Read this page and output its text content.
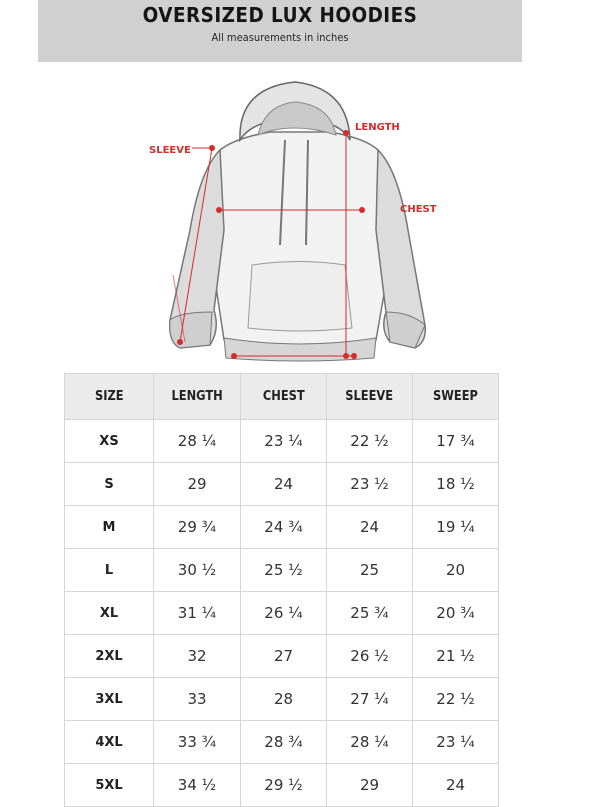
OVERSIZED LUX HOODIES
All measurements in inches
SLEEVE
LENGTH
CHEST
SIZE	LENGTH	CHEST	SLEEVE	SWEEP
XS	28 ¼	23 ¼	22 ½	17 ¾
S	29	24	23 ½	18 ½
M	29 ¾	24 ¾	24	19 ¼
L	30 ½	25 ½	25	20
XL	31 ¼	26 ¼	25 ¾	20 ¾
2XL	32	27	26 ½	21 ½
3XL	33	28	27 ¼	22 ½
4XL	33 ¾	28 ¾	28 ¼	23 ¼
5XL	34 ½	29 ½	29	24
